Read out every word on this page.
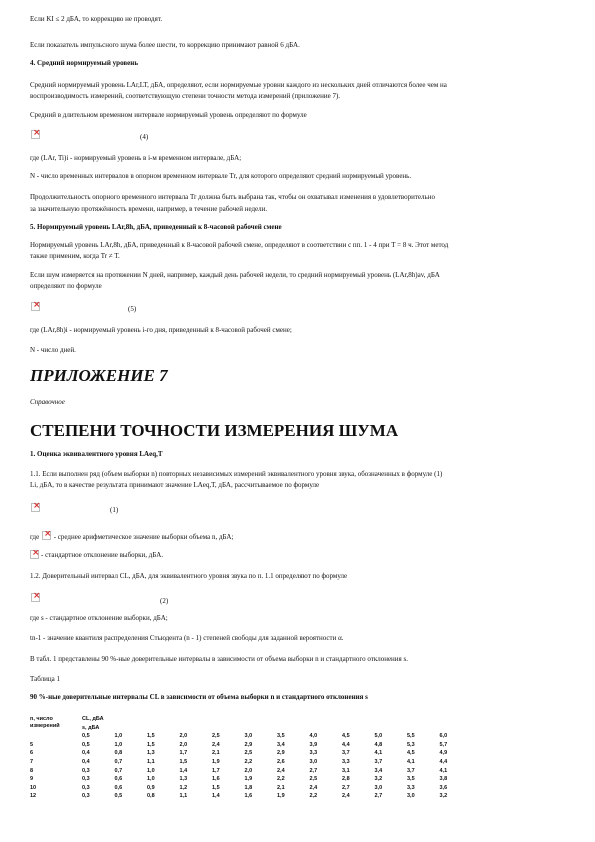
Если KI ≤ 2 дБА, то коррекцию не проводят.
Если показатель импульсного шума более шести, то коррекцию принимают равной 6 дБА.
4. Средний нормируемый уровень
Средний нормируемый уровень LAr,LT, дБА, определяют, если нормируемые уровни каждого из нескольких дней отличаются более чем на
воспроизводимость измерений, соответствующую степени точности метода измерений (приложение 7).
Средний в длительном временном интервале нормируемый уровень определяют по формуле
×
(4)
где (LAr, Ti)i - нормируемый уровень в i-м временном интервале, дБА;
N - число временных интервалов в опорном временном интервале Tr, для которого определяют средний нормируемый уровень.
Продолжительность опорного временного интервала Tr должна быть выбрана так, чтобы он охватывал изменения в удовлетворительно
за значительную протяжённость времени, например, в течение рабочей недели.
5. Нормируемый уровень LAr,8h, дБА, приведенный к 8-часовой рабочей смене
Нормируемый уровень LAr,8h, дБА, приведенный к 8-часовой рабочей смене, определяют в соответствии с пп. 1 - 4 при T = 8 ч. Этот метод
также применим, когда Tr ≠ T.
Если шум измеряется на протяжении N дней, например, каждый день рабочей недели, то средний нормируемый уровень (LAr,8h)av, дБА
определяют по формуле
×
(5)
где (LAr,8h)i - нормируемый уровень i-го дня, приведенный к 8-часовой рабочей смене;
N - число дней.
ПРИЛОЖЕНИЕ 7
Справочное
СТЕПЕНИ ТОЧНОСТИ ИЗМЕРЕНИЯ ШУМА
1. Оценка эквивалентного уровня LAeq,T
1.1. Если выполнен ряд (объем выборки n) повторных независимых измерений эквивалентного уровня звука, обозначенных в формуле (1)
Li, дБА, то в качестве результата принимают значение LAeq,T, дБА, рассчитываемое по формуле
×
(1)
где × - среднее арифметическое значение выборки объема n, дБА;
×
- стандартное отклонение выборки, дБА.
1.2. Доверительный интервал CL, дБА, для эквивалентного уровня звука по п. 1.1 определяют по формуле
×
(2)
где s - стандартное отклонение выборки, дБА;
tn-1 - значение квантиля распределения Стьюдента (n - 1) степеней свободы для заданной вероятности α.
В табл. 1 представлены 90 %-ные доверительные интервалы в зависимости от объема выборки n и стандартного отклонения s.
Таблица 1
90 %-ные доверительные интервалы CL в зависимости от объема выборки n и стандартного отклонения s
n, число измерений	CL, дБА											
	s, дБА											
	0,5	1,0	1,5	2,0	2,5	3,0	3,5	4,0	4,5	5,0	5,5	6,0
5	0,5	1,0	1,5	2,0	2,4	2,9	3,4	3,9	4,4	4,8	5,3	5,7
6	0,4	0,8	1,3	1,7	2,1	2,5	2,9	3,3	3,7	4,1	4,5	4,9
7	0,4	0,7	1,1	1,5	1,9	2,2	2,6	3,0	3,3	3,7	4,1	4,4
8	0,3	0,7	1,0	1,4	1,7	2,0	2,4	2,7	3,1	3,4	3,7	4,1
9	0,3	0,6	1,0	1,3	1,6	1,9	2,2	2,5	2,8	3,2	3,5	3,8
10	0,3	0,6	0,9	1,2	1,5	1,8	2,1	2,4	2,7	3,0	3,3	3,6
12	0,3	0,5	0,8	1,1	1,4	1,6	1,9	2,2	2,4	2,7	3,0	3,2
